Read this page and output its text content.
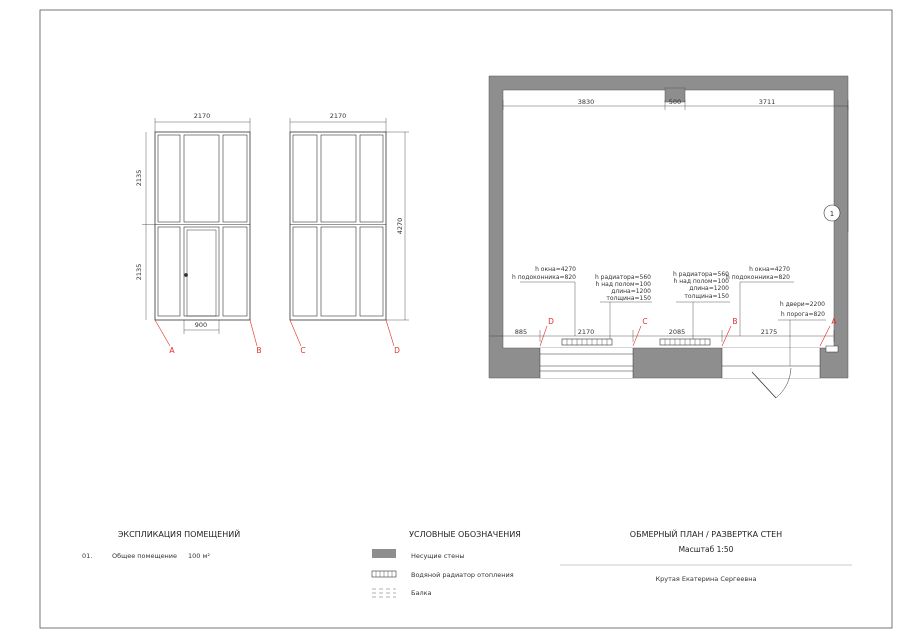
2170
2135
2135
900
A	B
2170
4270
C	D
3830	500	3711
885	2170	2085	2175
1
D	C	B	A
h окна=4270
h подоконника=820	h радиатора=560
h над полом=100
длина=1200
толщина=150
h радиатора=560
h над полом=100
длина=1200
толщина=150
h окна=4270
h подоконника=820
h двери=2200
h порога=820
ЭКСПЛИКАЦИЯ ПОМЕЩЕНИЙ
01.	Общее помещение 100 м²
УСЛОВНЫЕ ОБОЗНАЧЕНИЯ
Несущие стены
Водяной радиатор отопления
Балка
ОБМЕРНЫЙ ПЛАН / РАЗВЕРТКА СТЕН
Масштаб 1:50
Крутая Екатерина Сергеевна
